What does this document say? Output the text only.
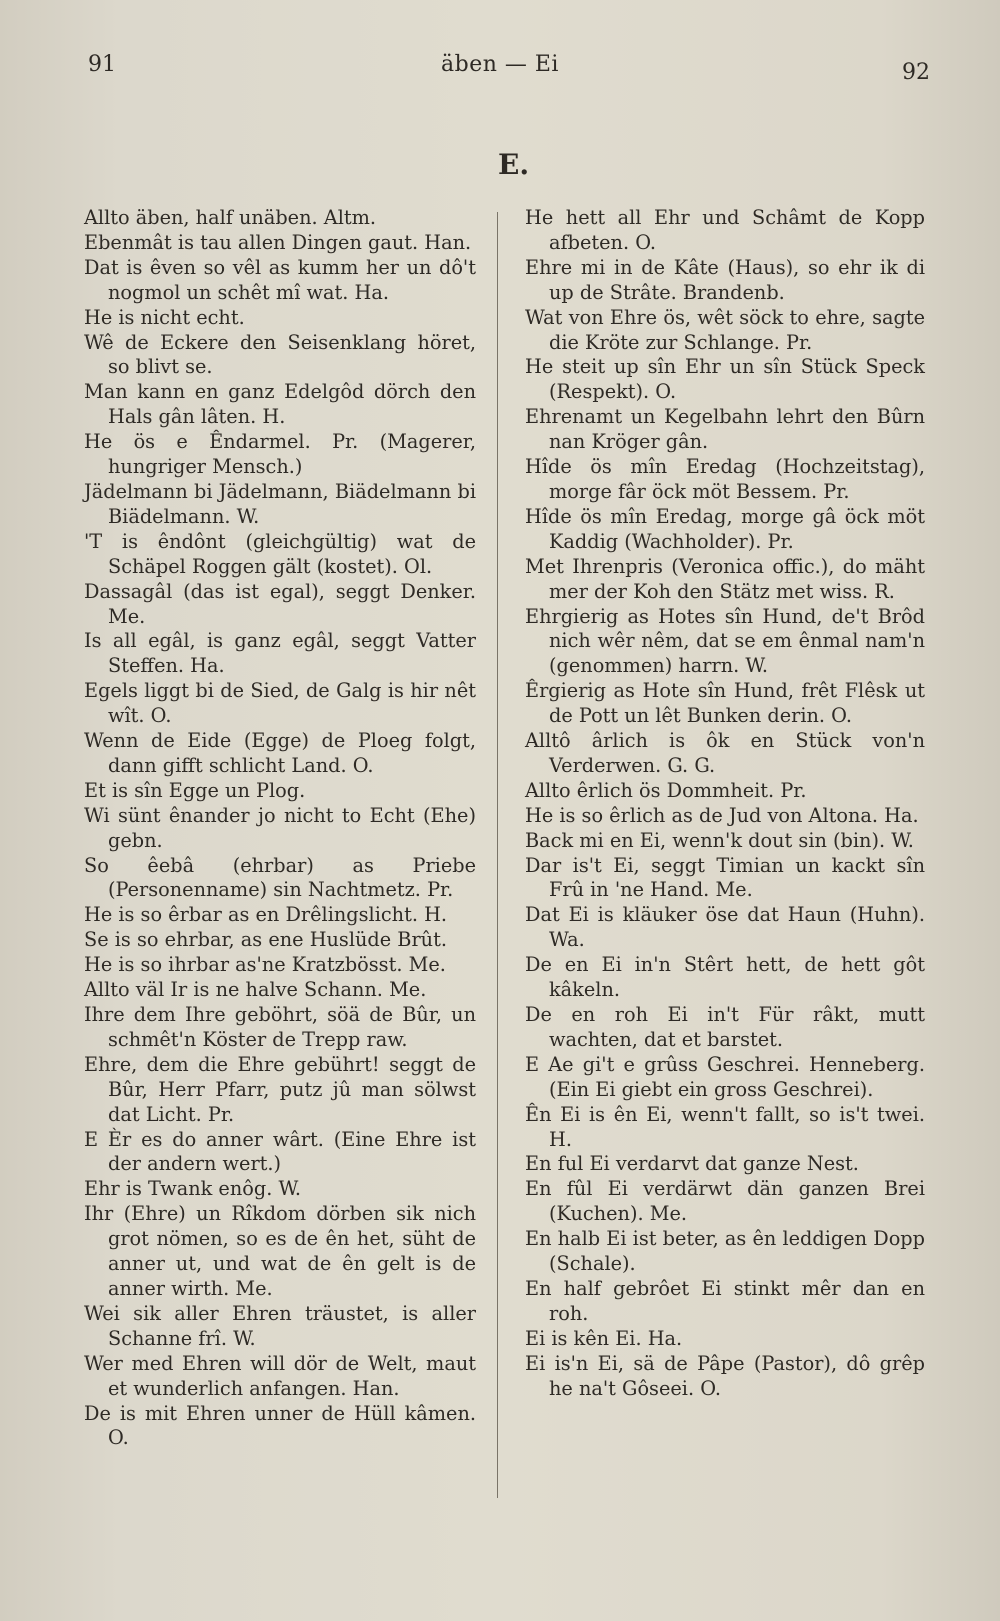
91	äben — Ei	92
E.
Allto äben, half unäben. Altm.
Ebenmât is tau allen Dingen gaut. Han.
Dat is êven so vêl as kumm her un dô't nogmol un schêt mî wat. Ha.
He is nicht echt.
Wê de Eckere den Seisenklang höret, so blivt se.
Man kann en ganz Edelgôd dörch den Hals gân lâten. H.
He ös e Êndarmel. Pr. (Magerer, hungriger Mensch.)
Jädelmann bi Jädelmann, Biädelmann bi Biädelmann. W.
'T is êndônt (gleichgültig) wat de Schäpel Roggen gält (kostet). Ol.
Dassagâl (das ist egal), seggt Denker. Me.
Is all egâl, is ganz egâl, seggt Vatter Steffen. Ha.
Egels liggt bi de Sied, de Galg is hir nêt wît. O.
Wenn de Eide (Egge) de Ploeg folgt, dann gifft schlicht Land. O.
Et is sîn Egge un Plog.
Wi sünt ênander jo nicht to Echt (Ehe) gebn.
So êebâ (ehrbar) as Priebe (Personenname) sin Nachtmetz. Pr.
He is so êrbar as en Drêlingslicht. H.
Se is so ehrbar, as ene Huslüde Brût.
He is so ihrbar as'ne Kratzbösst. Me.
Allto väl Ir is ne halve Schann. Me.
Ihre dem Ihre geböhrt, söä de Bûr, un schmêt'n Köster de Trepp raw.
Ehre, dem die Ehre gebührt! seggt de Bûr, Herr Pfarr, putz jû man sölwst dat Licht. Pr.
E Èr es do anner wârt. (Eine Ehre ist der andern wert.)
Ehr is Twank enôg. W.
Ihr (Ehre) un Rîkdom dörben sik nich grot nömen, so es de ên het, süht de anner ut, und wat de ên gelt is de anner wirth. Me.
Wei sik aller Ehren träustet, is aller Schanne frî. W.
Wer med Ehren will dör de Welt, maut et wunderlich anfangen. Han.
De is mit Ehren unner de Hüll kâmen. O.
He hett all Ehr und Schâmt de Kopp afbeten. O.
Ehre mi in de Kâte (Haus), so ehr ik di up de Strâte. Brandenb.
Wat von Ehre ös, wêt söck to ehre, sagte die Kröte zur Schlange. Pr.
He steit up sîn Ehr un sîn Stück Speck (Respekt). O.
Ehrenamt un Kegelbahn lehrt den Bûrn nan Kröger gân.
Hîde ös mîn Eredag (Hochzeitstag), morge fâr öck möt Bessem. Pr.
Hîde ös mîn Eredag, morge gâ öck möt Kaddig (Wachholder). Pr.
Met Ihrenpris (Veronica offic.), do mäht mer der Koh den Stätz met wiss. R.
Ehrgierig as Hotes sîn Hund, de't Brôd nich wêr nêm, dat se em ênmal nam'n (genommen) harrn. W.
Êrgierig as Hote sîn Hund, frêt Flêsk ut de Pott un lêt Bunken derin. O.
Alltô ârlich is ôk en Stück von'n Verderwen. G. G.
Allto êrlich ös Dommheit. Pr.
He is so êrlich as de Jud von Altona. Ha.
Back mi en Ei, wenn'k dout sin (bin). W.
Dar is't Ei, seggt Timian un kackt sîn Frû in 'ne Hand. Me.
Dat Ei is kläuker öse dat Haun (Huhn). Wa.
De en Ei in'n Stêrt hett, de hett gôt kâkeln.
De en roh Ei in't Für râkt, mutt wachten, dat et barstet.
E Ae gi't e grûss Geschrei. Henneberg. (Ein Ei giebt ein gross Geschrei).
Ên Ei is ên Ei, wenn't fallt, so is't twei. H.
En ful Ei verdarvt dat ganze Nest.
En fûl Ei verdärwt dän ganzen Brei (Kuchen). Me.
En halb Ei ist beter, as ên leddigen Dopp (Schale).
En half gebrôet Ei stinkt mêr dan en roh.
Ei is kên Ei. Ha.
Ei is'n Ei, sä de Pâpe (Pastor), dô grêp he na't Gôseei. O.
